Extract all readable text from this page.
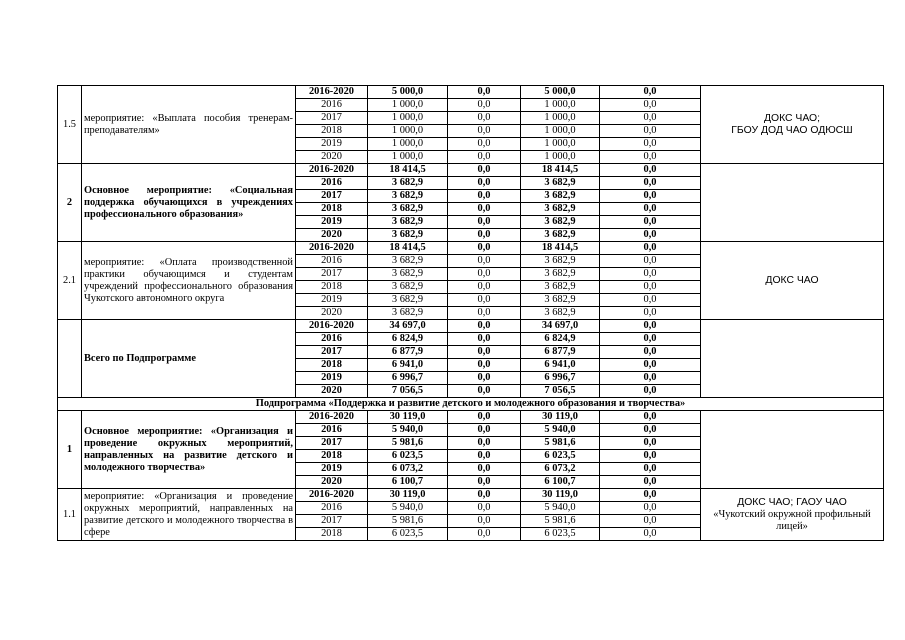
1.5	мероприятие: «Выплата пособия тренерам-преподавателям»	2016-2020	5 000,0	0,0	5 000,0	0,0	ДОКС ЧАО;
ГБОУ ДОД ЧАО ОДЮСШ

		2016	1 000,0	0,0	1 000,0	0,0	
		2017	1 000,0	0,0	1 000,0	0,0	
		2018	1 000,0	0,0	1 000,0	0,0	
		2019	1 000,0	0,0	1 000,0	0,0	
		2020	1 000,0	0,0	1 000,0	0,0	
2	Основное мероприятие: «Социальная поддержка обучающихся в учреждениях профессионального образования»	2016-2020	18 414,5	0,0	18 414,5	0,0	

		2016	3 682,9	0,0	3 682,9	0,0	
		2017	3 682,9	0,0	3 682,9	0,0	
		2018	3 682,9	0,0	3 682,9	0,0	
		2019	3 682,9	0,0	3 682,9	0,0	
		2020	3 682,9	0,0	3 682,9	0,0	
2.1	мероприятие: «Оплата производственной практики обучающимся и студентам учреждений профессионального образования Чукотского автономного округа	2016-2020	18 414,5	0,0	18 414,5	0,0	ДОКС ЧАО

		2016	3 682,9	0,0	3 682,9	0,0	
		2017	3 682,9	0,0	3 682,9	0,0	
		2018	3 682,9	0,0	3 682,9	0,0	
		2019	3 682,9	0,0	3 682,9	0,0	
		2020	3 682,9	0,0	3 682,9	0,0	
	Всего по Подпрограмме	2016-2020	34 697,0	0,0	34 697,0	0,0	

		2016	6 824,9	0,0	6 824,9	0,0	
		2017	6 877,9	0,0	6 877,9	0,0	
		2018	6 941,0	0,0	6 941,0	0,0	
		2019	6 996,7	0,0	6 996,7	0,0	
		2020	7 056,5	0,0	7 056,5	0,0	
Подпрограмма «Поддержка и развитие детского и молодежного образования и творчества»							
1	Основное мероприятие: «Организация и проведение окружных мероприятий, направленных на развитие детского и молодежного творчества»	2016-2020	30 119,0	0,0	30 119,0	0,0	

		2016	5 940,0	0,0	5 940,0	0,0	
		2017	5 981,6	0,0	5 981,6	0,0	
		2018	6 023,5	0,0	6 023,5	0,0	
		2019	6 073,2	0,0	6 073,2	0,0	
		2020	6 100,7	0,0	6 100,7	0,0	
1.1	мероприятие: «Организация и проведение окружных мероприятий, направленных на развитие детского и молодежного творчества в сфере	2016-2020	30 119,0	0,0	30 119,0	0,0	ДОКС ЧАО; ГАОУ ЧАО
«Чукотский окружной профильный лицей»

		2016	5 940,0	0,0	5 940,0	0,0	
		2017	5 981,6	0,0	5 981,6	0,0	
		2018	6 023,5	0,0	6 023,5	0,0	
